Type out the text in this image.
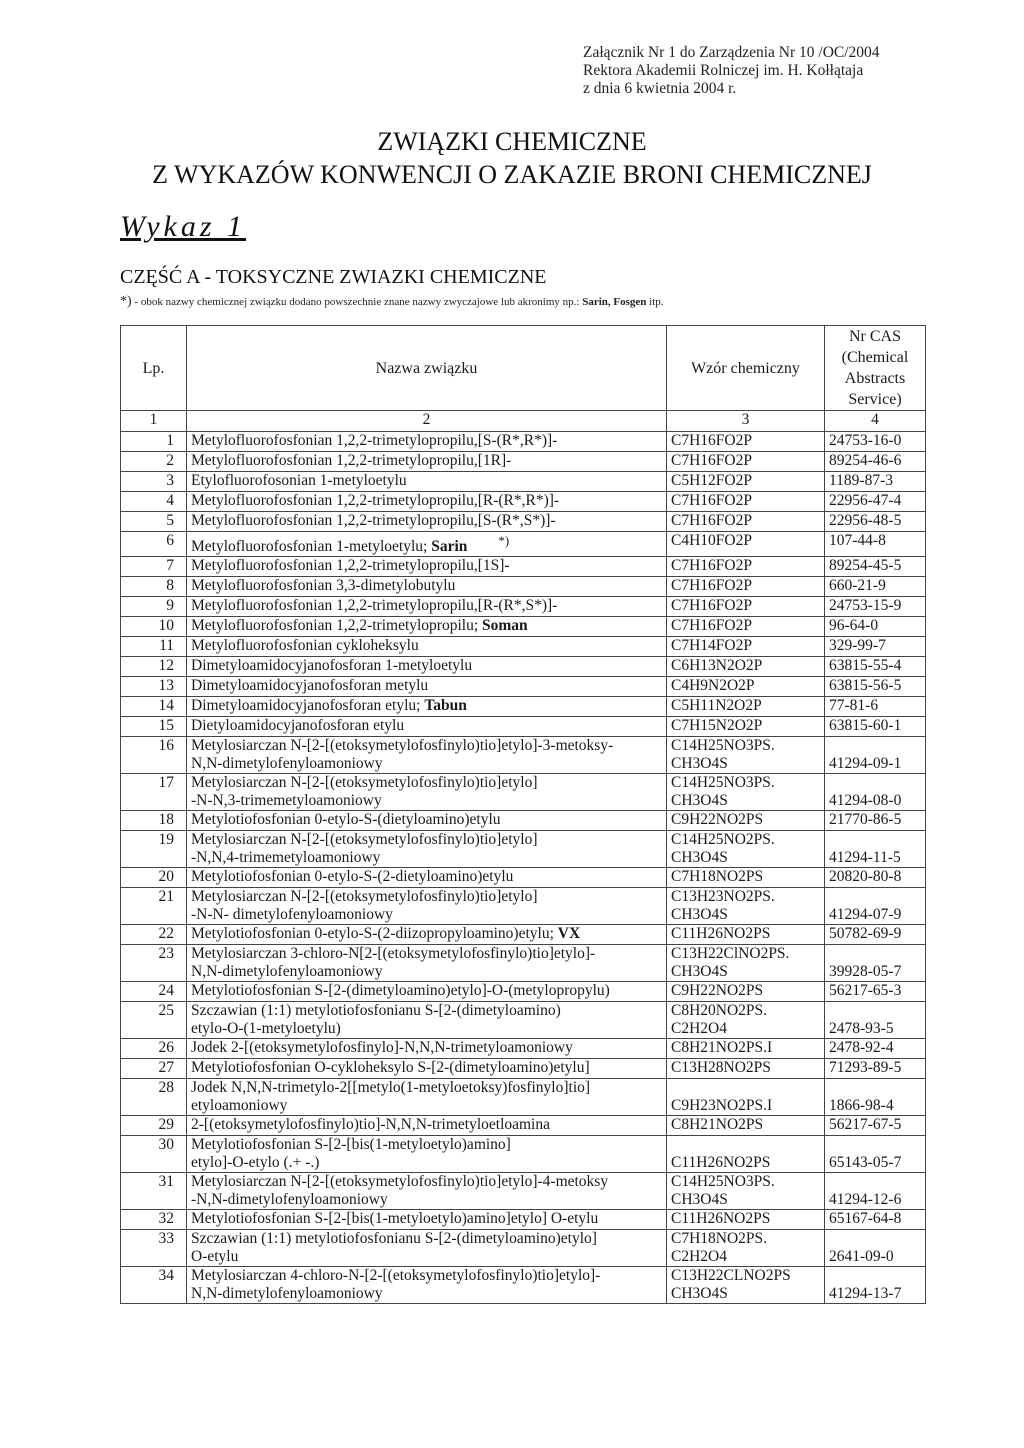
Załącznik Nr 1 do Zarządzenia Nr 10 /OC/2004
Rektora Akademii Rolniczej im. H. Kołłątaja
z dnia 6 kwietnia 2004 r.
ZWIĄZKI CHEMICZNE
Z WYKAZÓW KONWENCJI O ZAKAZIE BRONI CHEMICZNEJ
Wykaz 1
CZĘŚĆ A - TOKSYCZNE ZWIAZKI CHEMICZNE
*) - obok nazwy chemicznej związku dodano powszechnie znane nazwy zwyczajowe lub akronimy np.: Sarin, Fosgen itp.
Lp.	Nazwa związku	Wzór chemiczny	Nr CAS (Chemical Abstracts Service)
1	2	3	4
1	Metylofluorofosfonian 1,2,2-trimetylopropilu,[S-(R*,R*)]-	C7H16FO2P	24753-16-0
2	Metylofluorofosfonian 1,2,2-trimetylopropilu,[1R]-	C7H16FO2P	89254-46-6
3	Etylofluorofosonian 1-metyloetylu	C5H12FO2P	1189-87-3
4	Metylofluorofosfonian 1,2,2-trimetylopropilu,[R-(R*,R*)]-	C7H16FO2P	22956-47-4
5	Metylofluorofosfonian 1,2,2-trimetylopropilu,[S-(R*,S*)]-	C7H16FO2P	22956-48-5
6	Metylofluorofosfonian 1-metyloetylu; Sarin *)	C4H10FO2P	107-44-8
7	Metylofluorofosfonian 1,2,2-trimetylopropilu,[1S]-	C7H16FO2P	89254-45-5
8	Metylofluorofosfonian 3,3-dimetylobutylu	C7H16FO2P	660-21-9
9	Metylofluorofosfonian 1,2,2-trimetylopropilu,[R-(R*,S*)]-	C7H16FO2P	24753-15-9
10	Metylofluorofosfonian 1,2,2-trimetylopropilu; Soman	C7H16FO2P	96-64-0
11	Metylofluorofosfonian cykloheksylu	C7H14FO2P	329-99-7
12	Dimetyloamidocyjanofosforan 1-metyloetylu	C6H13N2O2P	63815-55-4
13	Dimetyloamidocyjanofosforan metylu	C4H9N2O2P	63815-56-5
14	Dimetyloamidocyjanofosforan etylu; Tabun	C5H11N2O2P	77-81-6
15	Dietyloamidocyjanofosforan etylu	C7H15N2O2P	63815-60-1
16	Metylosiarczan N-[2-[(etoksymetylofosfinylo)tio]etylo]-3-metoksy-
N,N-dimetylofenyloamoniowy	C14H25NO3PS.
CH3O4S	41294-09-1
17	Metylosiarczan N-[2-[(etoksymetylofosfinylo)tio]etylo]
-N-N,3-trimemetyloamoniowy	C14H25NO3PS.
CH3O4S	41294-08-0
18	Metylotiofosfonian 0-etylo-S-(dietyloamino)etylu	C9H22NO2PS	21770-86-5
19	Metylosiarczan N-[2-[(etoksymetylofosfinylo)tio]etylo]
-N,N,4-trimemetyloamoniowy	C14H25NO2PS.
CH3O4S	41294-11-5
20	Metylotiofosfonian 0-etylo-S-(2-dietyloamino)etylu	C7H18NO2PS	20820-80-8
21	Metylosiarczan N-[2-[(etoksymetylofosfinylo)tio]etylo]
-N-N- dimetylofenyloamoniowy	C13H23NO2PS.
CH3O4S	41294-07-9
22	Metylotiofosfonian 0-etylo-S-(2-diizopropyloamino)etylu; VX	C11H26NO2PS	50782-69-9
23	Metylosiarczan 3-chloro-N[2-[(etoksymetylofosfinylo)tio]etylo]-
N,N-dimetylofenyloamoniowy	C13H22ClNO2PS.
CH3O4S	39928-05-7
24	Metylotiofosfonian S-[2-(dimetyloamino)etylo]-O-(metylopropylu)	C9H22NO2PS	56217-65-3
25	Szczawian (1:1) metylotiofosfonianu S-[2-(dimetyloamino)
etylo-O-(1-metyloetylu)	C8H20NO2PS.
C2H2O4	2478-93-5
26	Jodek 2-[(etoksymetylofosfinylo]-N,N,N-trimetyloamoniowy	C8H21NO2PS.I	2478-92-4
27	Metylotiofosfonian O-cykloheksylo S-[2-(dimetyloamino)etylu]	C13H28NO2PS	71293-89-5
28	Jodek N,N,N-trimetylo-2[[metylo(1-metyloetoksy)fosfinylo]tio]
etyloamoniowy	C9H23NO2PS.I	1866-98-4
29	2-[(etoksymetylofosfinylo)tio]-N,N,N-trimetyloetloamina	C8H21NO2PS	56217-67-5
30	Metylotiofosfonian S-[2-[bis(1-metyloetylo)amino]
etylo]-O-etylo (.+ -.)	C11H26NO2PS	65143-05-7
31	Metylosiarczan N-[2-[(etoksymetylofosfinylo)tio]etylo]-4-metoksy
-N,N-dimetylofenyloamoniowy	C14H25NO3PS.
CH3O4S	41294-12-6
32	Metylotiofosfonian S-[2-[bis(1-metyloetylo)amino]etylo] O-etylu	C11H26NO2PS	65167-64-8
33	Szczawian (1:1) metylotiofosfonianu S-[2-(dimetyloamino)etylo]
O-etylu	C7H18NO2PS.
C2H2O4	2641-09-0
34	Metylosiarczan 4-chloro-N-[2-[(etoksymetylofosfinylo)tio]etylo]-
N,N-dimetylofenyloamoniowy	C13H22CLNO2PS
CH3O4S	41294-13-7
